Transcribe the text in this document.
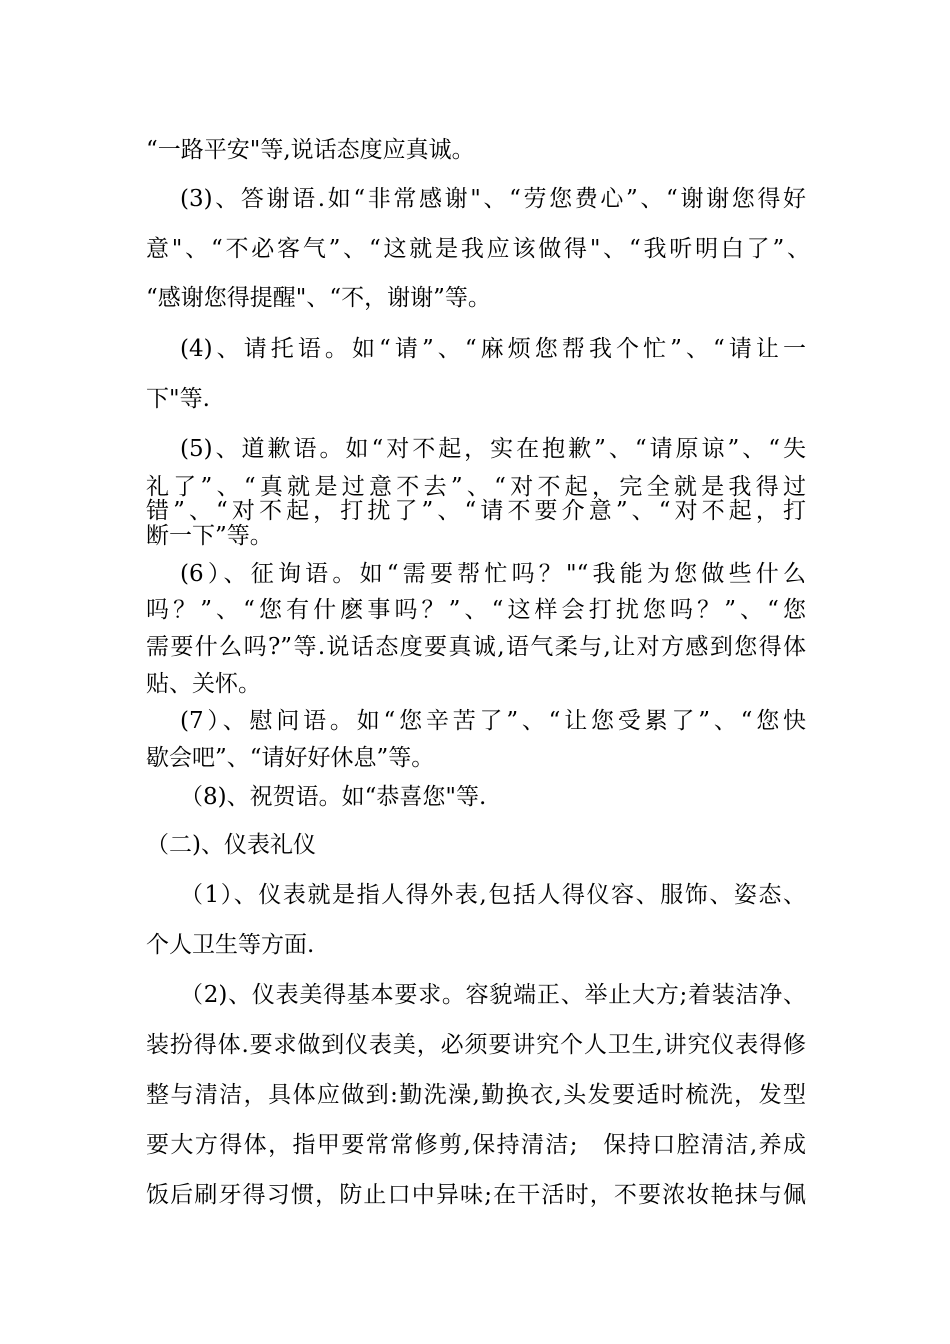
“一路平安"等,说话态度应真诚。
(3)、答谢语.如“非常感谢"、“劳您费心”、“谢谢您得好
意"、“不必客气”、“这就是我应该做得"、“我听明白了”、
“感谢您得提醒"、“不，谢谢”等。
(4)、请托语。如“请”、“麻烦您帮我个忙”、“请让一
下"等.
(5)、道歉语。如“对不起，实在抱歉”、“请原谅”、“失
礼了”、“真就是过意不去”、“对不起，完全就是我得过
错”、“对不起，打扰了”、“请不要介意”、“对不起，打
断一下”等。
(6）、征询语。如“需要帮忙吗？"“我能为您做些什么
吗？”、“您有什麽事吗？”、“这样会打扰您吗？”、“您
需要什么吗?”等.说话态度要真诚,语气柔与,让对方感到您得体
贴、关怀。
(7）、慰问语。如“您辛苦了”、“让您受累了”、“您快
歇会吧”、“请好好休息”等。
（8)、祝贺语。如“恭喜您"等.
（二)、仪表礼仪
（1）、仪表就是指人得外表,包括人得仪容、服饰、姿态、
个人卫生等方面.
（2)、仪表美得基本要求。容貌端正、举止大方;着装洁净、
装扮得体.要求做到仪表美，必须要讲究个人卫生,讲究仪表得修
整与清洁，具体应做到:勤洗澡,勤换衣,头发要适时梳洗，发型
要大方得体，指甲要常常修剪,保持清洁;　保持口腔清洁,养成
饭后刷牙得习惯，防止口中异味;在干活时，不要浓妆艳抹与佩
